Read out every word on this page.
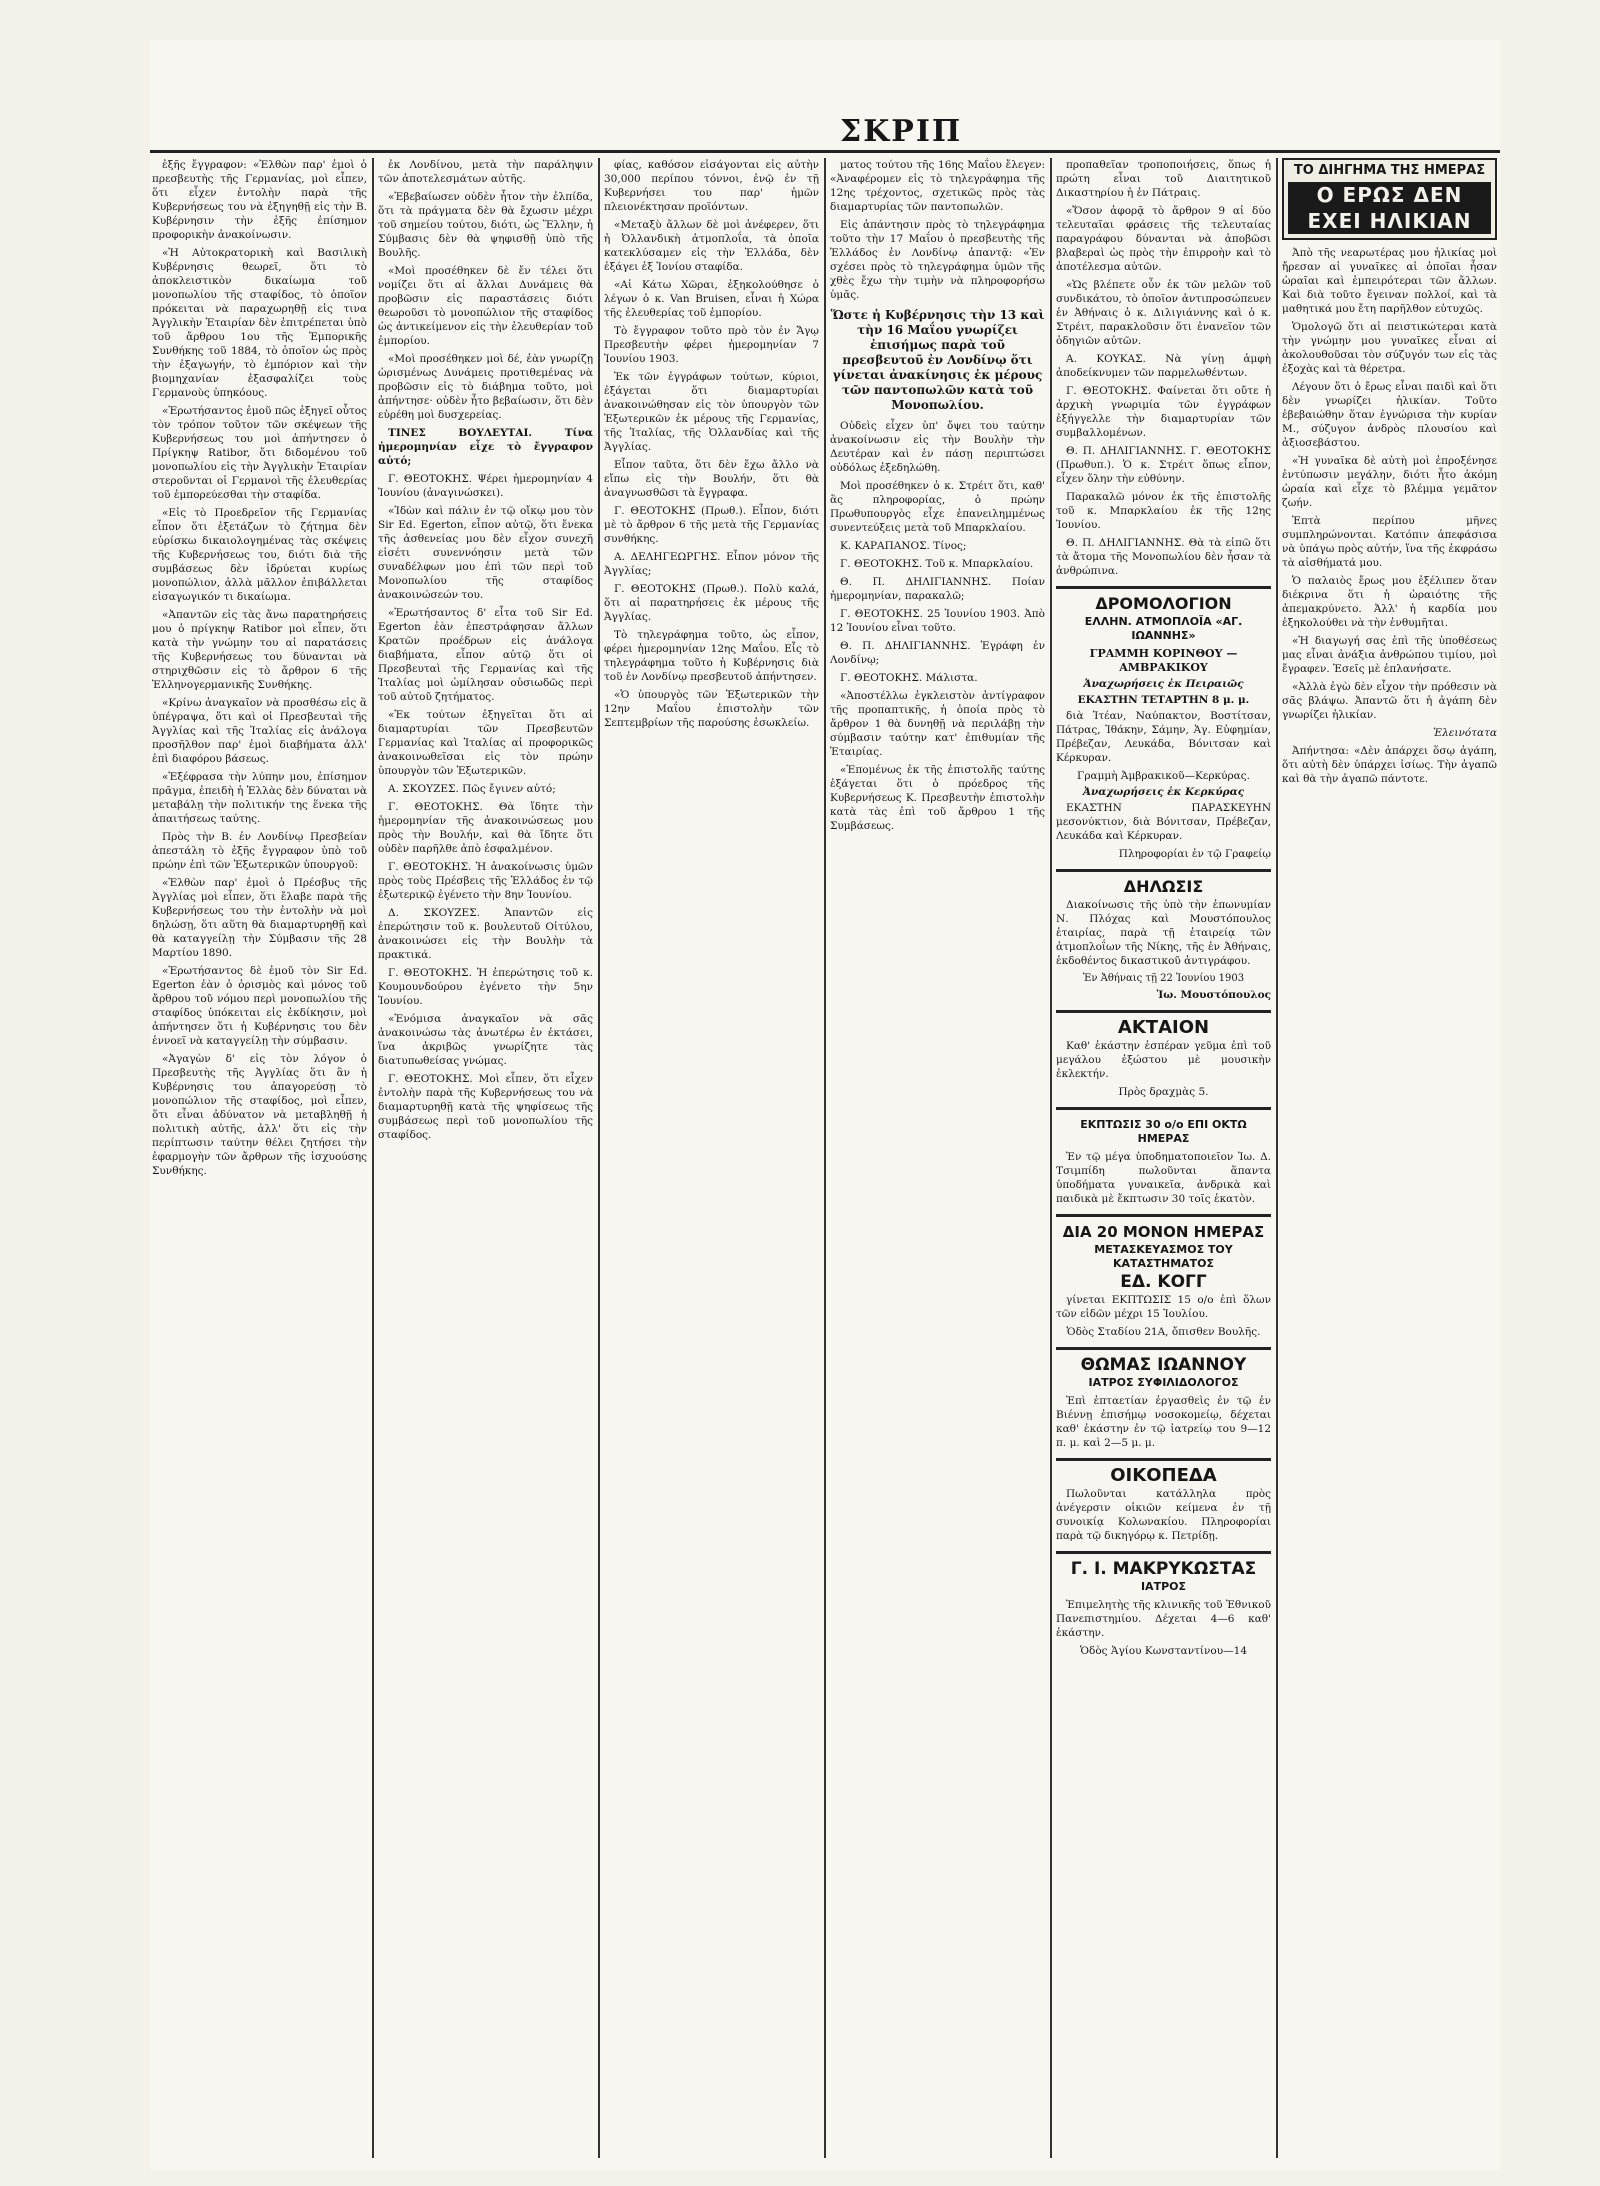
ΣΚΡΙΠ

ἐξῆς ἔγγραφον: «Ἐλθὼν παρ' ἐμοὶ ὁ πρεσβευτὴς τῆς Γερμανίας, μοὶ εἶπεν, ὅτι εἶχεν ἐντολὴν παρὰ τῆς Κυβερνήσεως του νὰ ἐξηγηθῇ εἰς τὴν Β. Κυβέρνησιν τὴν ἐξῆς ἐπίσημον προφορικὴν ἀνακοίνωσιν.

«Ἡ Αὐτοκρατορικὴ καὶ Βασιλικὴ Κυβέρνησις θεωρεῖ, ὅτι τὸ ἀποκλειστικὸν δικαίωμα τοῦ μονοπωλίου τῆς σταφίδος, τὸ ὁποῖον πρόκειται νὰ παραχωρηθῇ εἰς τινα Ἀγγλικὴν Ἑταιρίαν δὲν ἐπιτρέπεται ὑπὸ τοῦ ἄρθρου 1ου τῆς Ἐμπορικῆς Συνθήκης τοῦ 1884, τὸ ὁποῖον ὡς πρὸς τὴν ἐξαγωγήν, τὸ ἐμπόριον καὶ τὴν βιομηχανίαν ἐξασφαλίζει τοὺς Γερμανοὺς ὑπηκόους.

«Ἐρωτήσαντος ἐμοῦ πῶς ἐξηγεῖ οὗτος τὸν τρόπον τοῦτον τῶν σκέψεων τῆς Κυβερνήσεως του μοὶ ἀπήντησεν ὁ Πρίγκηψ Ratibor, ὅτι διδομένου τοῦ μονοπωλίου εἰς τὴν Ἀγγλικὴν Ἑταιρίαν στεροῦνται οἱ Γερμανοὶ τῆς ἐλευθερίας τοῦ ἐμπορεύεσθαι τὴν σταφίδα.

«Εἰς τὸ Προεδρεῖον τῆς Γερμανίας εἶπον ὅτι ἐξετάζων τὸ ζήτημα δὲν εὑρίσκω δικαιολογημένας τὰς σκέψεις τῆς Κυβερνήσεως του, διότι διὰ τῆς συμβάσεως δὲν ἱδρύεται κυρίως μονοπώλιον, ἀλλὰ μᾶλλον ἐπιβάλλεται εἰσαγωγικόν τι δικαίωμα.

«Ἀπαντῶν εἰς τὰς ἄνω παρατηρήσεις μου ὁ πρίγκηψ Ratibor μοὶ εἶπεν, ὅτι κατὰ τὴν γνώμην του αἱ παρατάσεις τῆς Κυβερνήσεως του δύνανται νὰ στηριχθῶσιν εἰς τὸ ἄρθρον 6 τῆς Ἑλληνογερμανικῆς Συνθήκης.

«Κρίνω ἀναγκαῖον νὰ προσθέσω εἰς ἃ ὑπέγραψα, ὅτι καὶ οἱ Πρεσβευταὶ τῆς Ἀγγλίας καὶ τῆς Ἰταλίας εἰς ἀνάλογα προσῆλθον παρ' ἐμοὶ διαβήματα ἀλλ' ἐπὶ διαφόρου βάσεως.

«Ἐξέφρασα τὴν λύπην μου, ἐπίσημον πρᾶγμα, ἐπειδὴ ἡ Ἑλλὰς δὲν δύναται νὰ μεταβάλῃ τὴν πολιτικήν της ἕνεκα τῆς ἀπαιτήσεως ταύτης.

Πρὸς τὴν Β. ἐν Λονδίνῳ Πρεσβείαν ἀπεστάλη τὸ ἐξῆς ἔγγραφον ὑπὸ τοῦ πρώην ἐπὶ τῶν Ἐξωτερικῶν ὑπουργοῦ:

«Ἐλθὼν παρ' ἐμοὶ ὁ Πρέσβυς τῆς Ἀγγλίας μοὶ εἶπεν, ὅτι ἔλαβε παρὰ τῆς Κυβερνήσεως του τὴν ἐντολὴν νὰ μοὶ δηλώσῃ, ὅτι αὕτη θὰ διαμαρτυρηθῇ καὶ θὰ καταγγείλῃ τὴν Σύμβασιν τῆς 28 Μαρτίου 1890.

«Ἐρωτήσαντος δὲ ἐμοῦ τὸν Sir Ed. Egerton ἐὰν ὁ ὁρισμὸς καὶ μόνος τοῦ ἄρθρου τοῦ νόμου περὶ μονοπωλίου τῆς σταφίδος ὑπόκειται εἰς ἐκδίκησιν, μοὶ ἀπήντησεν ὅτι ἡ Κυβέρνησις του δὲν ἐννοεῖ νὰ καταγγείλῃ τὴν σύμβασιν.

«Ἀγαγὼν δ' εἰς τὸν λόγον ὁ Πρεσβευτὴς τῆς Ἀγγλίας ὅτι ἂν ἡ Κυβέρνησις του ἀπαγορεύσῃ τὸ μονοπώλιον τῆς σταφίδος, μοὶ εἶπεν, ὅτι εἶναι ἀδύνατον νὰ μεταβληθῇ ἡ πολιτικὴ αὐτῆς, ἀλλ' ὅτι εἰς τὴν περίπτωσιν ταύτην θέλει ζητήσει τὴν ἐφαρμογὴν τῶν ἄρθρων τῆς ἰσχυούσης Συνθήκης.

ἐκ Λονδίνου, μετὰ τὴν παράληψιν τῶν ἀποτελεσμάτων αὐτῆς.

«Ἐβεβαίωσεν οὐδὲν ἦτον τὴν ἐλπίδα, ὅτι τὰ πράγματα δὲν θὰ ἔχωσιν μέχρι τοῦ σημείου τούτου, διότι, ὡς Ἕλλην, ἡ Σύμβασις δὲν θὰ ψηφισθῇ ὑπὸ τῆς Βουλῆς.

«Μοὶ προσέθηκεν δὲ ἔν τέλει ὅτι νομίζει ὅτι αἱ ἄλλαι Δυνάμεις θὰ προβῶσιν εἰς παραστάσεις διότι θεωροῦσι τὸ μονοπώλιον τῆς σταφίδος ὡς ἀντικείμενον εἰς τὴν ἐλευθερίαν τοῦ ἐμπορίου.

«Μοὶ προσέθηκεν μοὶ δέ, ἐὰν γνωρίζῃ ὡρισμένως Δυνάμεις προτιθεμένας νὰ προβῶσιν εἰς τὸ διάβημα τοῦτο, μοὶ ἀπήντησε· οὐδὲν ἦτο βεβαίωσιν, ὅτι δὲν εὑρέθη μοὶ δυσχερείας.

ΤΙΝΕΣ ΒΟΥΛΕΥΤΑΙ. Τίνα ἡμερομηνίαν εἶχε τὸ ἔγγραφον αὐτό;

Γ. ΘΕΟΤΟΚΗΣ. Ψέρει ἡμερομηνίαν 4 Ἰουνίου (ἀναγινώσκει).

«Ἰδὼν καὶ πάλιν ἐν τῷ οἴκῳ μου τὸν Sir Ed. Egerton, εἶπον αὐτῷ, ὅτι ἔνεκα τῆς ἀσθενείας μου δὲν εἶχον συνεχῆ εἰσέτι συνεννόησιν μετὰ τῶν συναδέλφων μου ἐπὶ τῶν περὶ τοῦ Μονοπωλίου τῆς σταφίδος ἀνακοινώσεών του.

«Ἐρωτήσαντος δ' εἶτα τοῦ Sir Ed. Egerton ἐὰν ἐπεστράφησαν ἄλλων Κρατῶν προέδρων εἰς ἀνάλογα διαβήματα, εἶπον αὐτῷ ὅτι οἱ Πρεσβευταὶ τῆς Γερμανίας καὶ τῆς Ἰταλίας μοὶ ὡμίλησαν οὐσιωδῶς περὶ τοῦ αὐτοῦ ζητήματος.

«Ἐκ τούτων ἐξηγεῖται ὅτι αἱ διαμαρτυρίαι τῶν Πρεσβευτῶν Γερμανίας καὶ Ἰταλίας αἱ προφορικῶς ἀνακοινωθεῖσαι εἰς τὸν πρώην ὑπουργὸν τῶν Ἐξωτερικῶν.

Α. ΣΚΟΥΖΕΣ. Πῶς ἔγινεν αὐτό;

Γ. ΘΕΟΤΟΚΗΣ. Θὰ ἴδητε τὴν ἡμερομηνίαν τῆς ἀνακοινώσεως μου πρὸς τὴν Βουλήν, καὶ θὰ ἴδητε ὅτι οὐδὲν παρῆλθε ἀπὸ ἐσφαλμένον.

Γ. ΘΕΟΤΟΚΗΣ. Ἡ ἀνακοίνωσις ὑμῶν πρὸς τοὺς Πρέσβεις τῆς Ἑλλάδος ἐν τῷ ἐξωτερικῷ ἐγένετο τὴν 8ην Ἰουνίου.

Δ. ΣΚΟΥΖΕΣ. Ἀπαντῶν εἰς ἐπερώτησιν τοῦ κ. βουλευτοῦ Οἰτύλου, ἀνακοινώσει εἰς τὴν Βουλὴν τὰ πρακτικά.

Γ. ΘΕΟΤΟΚΗΣ. Ἡ ἐπερώτησις τοῦ κ. Κουμουνδούρου ἐγένετο τὴν 5ην Ἰουνίου.

«Ἐνόμισα ἀναγκαῖον νὰ σᾶς ἀνακοινώσω τὰς ἀνωτέρω ἐν ἐκτάσει, ἵνα ἀκριβῶς γνωρίζητε τὰς διατυπωθείσας γνώμας.

Γ. ΘΕΟΤΟΚΗΣ. Μοὶ εἶπεν, ὅτι εἶχεν ἐντολὴν παρὰ τῆς Κυβερνήσεως του νὰ διαμαρτυρηθῇ κατὰ τῆς ψηφίσεως τῆς συμβάσεως περὶ τοῦ μονοπωλίου τῆς σταφίδος.

φίας, καθόσον εἰσάγονται εἰς αὐτὴν 30,000 περίπου τόννοι, ἐνῷ ἐν τῇ Κυβερνήσει του παρ' ἡμῶν πλειονέκτησαν προϊόντων.

«Μεταξὺ ἄλλων δὲ μοὶ ἀνέφερεν, ὅτι ἡ Ὀλλανδικὴ ἀτμοπλοΐα, τὰ ὁποῖα κατεκλύσαμεν εἰς τὴν Ἑλλάδα, δὲν ἐξάγει ἐξ Ἰονίου σταφίδα.

«Αἱ Κάτω Χῶραι, ἐξηκολούθησε ὁ λέγων ὁ κ. Van Bruisen, εἶναι ἡ Χώρα τῆς ἐλευθερίας τοῦ ἐμπορίου.

Τὸ ἔγγραφον τοῦτο πρὸ τὸν ἐν Ἄγῳ Πρεσβευτὴν φέρει ἡμερομηνίαν 7 Ἰουνίου 1903.

Ἐκ τῶν ἐγγράφων τούτων, κύριοι, ἐξάγεται ὅτι διαμαρτυρίαι ἀνακοινώθησαν εἰς τὸν ὑπουργὸν τῶν Ἐξωτερικῶν ἐκ μέρους τῆς Γερμανίας, τῆς Ἰταλίας, τῆς Ὀλλανδίας καὶ τῆς Ἀγγλίας.

Εἶπον ταῦτα, ὅτι δὲν ἔχω ἄλλο νὰ εἴπω εἰς τὴν Βουλήν, ὅτι θὰ ἀναγνωσθῶσι τὰ ἔγγραφα.

Γ. ΘΕΟΤΟΚΗΣ (Πρωθ.). Εἶπον, διότι μὲ τὸ ἄρθρον 6 τῆς μετὰ τῆς Γερμανίας συνθήκης.

Α. ΔΕΛΗΓΕΩΡΓΗΣ. Εἶπον μόνον τῆς Ἀγγλίας;

Γ. ΘΕΟΤΟΚΗΣ (Πρωθ.). Πολὺ καλά, ὅτι αἱ παρατηρήσεις ἐκ μέρους τῆς Ἀγγλίας.

Τὸ τηλεγράφημα τοῦτο, ὡς εἶπον, φέρει ἡμερομηνίαν 12ης Μαΐου. Εἶς τὸ τηλεγράφημα τοῦτο ἡ Κυβέρνησις διὰ τοῦ ἐν Λονδίνῳ πρεσβευτοῦ ἀπήντησεν.

«Ὁ ὑπουργὸς τῶν Ἐξωτερικῶν τὴν 12ην Μαΐου ἐπιστολὴν τῶν Σεπτεμβρίων τῆς παρούσης ἐσωκλείω.

ματος τούτου τῆς 16ης Μαΐου ἔλεγεν: «Ἀναφέρομεν εἰς τὸ τηλεγράφημα τῆς 12ης τρέχοντος, σχετικῶς πρὸς τὰς διαμαρτυρίας τῶν παντοπωλῶν.

Εἰς ἀπάντησιν πρὸς τὸ τηλεγράφημα τοῦτο τὴν 17 Μαΐου ὁ πρεσβευτὴς τῆς Ἑλλάδος ἐν Λονδίνῳ ἀπαντᾷ: «Ἐν σχέσει πρὸς τὸ τηλεγράφημα ὑμῶν τῆς χθὲς ἔχω τὴν τιμὴν νὰ πληροφορήσω ὑμᾶς.

Ὥστε ἡ Κυβέρνησις τὴν 13 καὶ τὴν 16 Μαΐου γνωρίζει ἐπισήμως παρὰ τοῦ πρεσβευτοῦ ἐν Λονδίνῳ ὅτι γίνεται ἀνακίνησις ἐκ μέρους τῶν παντοπωλῶν κατὰ τοῦ Μονοπωλίου.

Οὐδεὶς εἶχεν ὑπ' ὄψει του ταύτην ἀνακοίνωσιν εἰς τὴν Βουλὴν τὴν Δευτέραν καὶ ἐν πάσῃ περιπτώσει οὐδόλως ἐξεδηλώθη.

Μοὶ προσέθηκεν ὁ κ. Στρέιτ ὅτι, καθ' ἃς πληροφορίας, ὁ πρώην Πρωθυπουργὸς εἶχε ἐπανειλημμένως συνεντεύξεις μετὰ τοῦ Μπαρκλαίου.

Κ. ΚΑΡΑΠΑΝΟΣ. Τίνος;

Γ. ΘΕΟΤΟΚΗΣ. Τοῦ κ. Μπαρκλαίου.

Θ. Π. ΔΗΛΙΓΙΑΝΝΗΣ. Ποίαν ἡμερομηνίαν, παρακαλῶ;

Γ. ΘΕΟΤΟΚΗΣ. 25 Ἰουνίου 1903. Ἀπὸ 12 Ἰουνίου εἶναι τοῦτο.

Θ. Π. ΔΗΛΙΓΙΑΝΝΗΣ. Ἐγράφη ἐν Λονδίνῳ;

Γ. ΘΕΟΤΟΚΗΣ. Μάλιστα.

«Ἀποστέλλω ἐγκλειστὸν ἀντίγραφον τῆς προπαπτικῆς, ἡ ὁποία πρὸς τὸ ἄρθρον 1 θὰ δυνηθῇ νὰ περιλάβῃ τὴν σύμβασιν ταύτην κατ' ἐπιθυμίαν τῆς Ἑταιρίας.

«Ἐπομένως ἐκ τῆς ἐπιστολῆς ταύτης ἐξάγεται ὅτι ὁ πρόεδρος τῆς Κυβερνήσεως Κ. Πρεσβευτὴν ἐπιστολὴν κατὰ τὰς ἐπὶ τοῦ ἄρθρου 1 τῆς Συμβάσεως.

προπαθεῖαν τροποποιήσεις, ὅπως ἡ πρώτη εἶναι τοῦ Διαιτητικοῦ Δικαστηρίου ἡ ἐν Πάτραις.

«Ὅσον ἀφορᾷ τὸ ἄρθρον 9 αἱ δύο τελευταῖαι φράσεις τῆς τελευταίας παραγράφου δύνανται νὰ ἀποβῶσι βλαβεραὶ ὡς πρὸς τὴν ἐπιρροὴν καὶ τὸ ἀποτέλεσμα αὐτῶν.

«Ὡς βλέπετε οὖν ἐκ τῶν μελῶν τοῦ συνδικάτου, τὸ ὁποῖον ἀντιπροσώπευεν ἐν Ἀθήναις ὁ κ. Διλιγιάννης καὶ ὁ κ. Στρέιτ, παρακλοῦσιν ὅτι ἐνανεῖον τῶν ὁδηγιῶν αὐτῶν.

Α. ΚΟΥΚΑΣ. Νὰ γίνῃ ἀμφὴ ἀποδείκνυμεν τῶν παρμελωθέντων.

Γ. ΘΕΟΤΟΚΗΣ. Φαίνεται ὅτι οὔτε ἡ ἀρχικὴ γνωριμία τῶν ἐγγράφων ἐξήγγελλε τὴν διαμαρτυρίαν τῶν συμβαλλομένων.

Θ. Π. ΔΗΛΙΓΙΑΝΝΗΣ. Γ. ΘΕΟΤΟΚΗΣ (Πρωθυπ.). Ὁ κ. Στρέιτ ὅπως εἶπον, εἶχεν ὅλην τὴν εὐθύνην.

Παρακαλῶ μόνον ἐκ τῆς ἐπιστολῆς τοῦ κ. Μπαρκλαίου ἐκ τῆς 12ης Ἰουνίου.

Θ. Π. ΔΗΛΙΓΙΑΝΝΗΣ. Θὰ τὰ εἰπῶ ὅτι τὰ ἄτομα τῆς Μονοπωλίου δὲν ἦσαν τὰ ἀνθρώπινα.

ΔΡΟΜΟΛΟΓΙΟΝ
ΕΛΛΗΝ. ΑΤΜΟΠΛΟΪΑ «ΑΓ. ΙΩΑΝΝΗΣ»
ΓΡΑΜΜΗ ΚΟΡΙΝΘΟΥ — ΑΜΒΡΑΚΙΚΟΥ
Ἀναχωρήσεις ἐκ Πειραιῶς
ΕΚΑΣΤΗΝ ΤΕΤΑΡΤΗΝ 8 μ. μ.

διὰ Ἰτέαν, Ναύπακτον, Βοστίτσαν, Πάτρας, Ἰθάκην, Σάμην, Ἁγ. Εὐφημίαν, Πρέβεζαν, Λευκάδα, Βόνιτσαν καὶ Κέρκυραν.

Γραμμὴ Ἀμβρακικοῦ—Κερκύρας.
Ἀναχωρήσεις ἐκ Κερκύρας

ΕΚΑΣΤΗΝ ΠΑΡΑΣΚΕΥΗΝ μεσονύκτιον, διὰ Βόνιτσαν, Πρέβεζαν, Λευκάδα καὶ Κέρκυραν.

Πληροφορίαι ἐν τῷ Γραφείῳ
ΔΗΛΩΣΙΣ

Διακοίνωσις τῆς ὑπὸ τὴν ἐπωνυμίαν Ν. Πλόχας καὶ Μουστόπουλος ἑταιρίας, παρὰ τῇ ἐταιρείᾳ τῶν ἀτμοπλοΐων τῆς Νίκης, τῆς ἐν Ἀθήναις, ἐκδοθέντος δικαστικοῦ ἀντιγράφου.

Ἐν Ἀθήναις τῇ 22 Ἰουνίου 1903
Ἰω. Μουστόπουλος
ΑΚΤΑΙΟΝ

Καθ' ἑκάστην ἑσπέραν γεῦμα ἐπὶ τοῦ μεγάλου ἐξώστου μὲ μουσικὴν ἐκλεκτήν.

Πρὸς δραχμὰς 5.
ΕΚΠΤΩΣΙΣ 30 ο/ο ΕΠΙ ΟΚΤΩ ΗΜΕΡΑΣ

Ἐν τῷ μέγα ὑποδηματοποιεῖον Ἰω. Δ. Τσιμπίδη πωλοῦνται ἅπαντα ὑποδήματα γυναικεῖα, ἀνδρικὰ καὶ παιδικὰ μὲ ἔκπτωσιν 30 τοῖς ἑκατὸν.

ΔΙΑ 20 ΜΟΝΟΝ ΗΜΕΡΑΣ
ΜΕΤΑΣΚΕΥΑΣΜΟΣ ΤΟΥ ΚΑΤΑΣΤΗΜΑΤΟΣ
ΕΔ. ΚΟΓΓ

γίνεται ΕΚΠΤΩΣΙΣ 15 ο/ο ἐπὶ ὅλων τῶν εἰδῶν μέχρι 15 Ἰουλίου.

Ὁδὸς Σταδίου 21Α, ὄπισθεν Βουλῆς.
ΘΩΜΑΣ ΙΩΑΝΝΟΥ
ΙΑΤΡΟΣ ΣΥΦΙΛΙΔΟΛΟΓΟΣ

Ἐπὶ ἑπταετίαν ἐργασθεὶς ἐν τῷ ἐν Βιέννῃ ἐπισήμῳ νοσοκομείῳ, δέχεται καθ' ἑκάστην ἐν τῷ ἰατρείῳ του 9—12 π. μ. καὶ 2—5 μ. μ.

ΟΙΚΟΠΕΔΑ

Πωλοῦνται κατάλληλα πρὸς ἀνέγερσιν οἰκιῶν κείμενα ἐν τῇ συνοικίᾳ Κολωνακίου. Πληροφορίαι παρὰ τῷ δικηγόρῳ κ. Πετρίδῃ.

Γ. Ι. ΜΑΚΡΥΚΩΣΤΑΣ
ΙΑΤΡΟΣ

Ἐπιμελητὴς τῆς κλινικῆς τοῦ Ἐθνικοῦ Πανεπιστημίου. Δέχεται 4—6 καθ' ἑκάστην.

Ὁδὸς Ἁγίου Κωνσταντίνου—14
ΤΟ ΔΙΗΓΗΜΑ ΤΗΣ ΗΜΕΡΑΣ
Ο ΕΡΩΣ ΔΕΝ ΕΧΕΙ ΗΛΙΚΙΑΝ

Ἀπὸ τῆς νεαρωτέρας μου ἡλικίας μοὶ ἤρεσαν αἱ γυναῖκες αἱ ὁποῖαι ἦσαν ὡραῖαι καὶ ἐμπειρότεραι τῶν ἄλλων. Καὶ διὰ τοῦτο ἔγειναν πολλοί, καὶ τὰ μαθητικά μου ἔτη παρῆλθον εὐτυχῶς.

Ὁμολογῶ ὅτι αἱ πειστικώτεραι κατὰ τὴν γνώμην μου γυναῖκες εἶναι αἱ ἀκολουθοῦσαι τὸν σύζυγόν των εἰς τὰς ἐξοχὰς καὶ τὰ θέρετρα.

Λέγουν ὅτι ὁ ἔρως εἶναι παιδὶ καὶ ὅτι δὲν γνωρίζει ἡλικίαν. Τοῦτο ἐβεβαιώθην ὅταν ἐγνώρισα τὴν κυρίαν Μ., σύζυγον ἀνδρὸς πλουσίου καὶ ἀξιοσεβάστου.

«Ἡ γυναῖκα δὲ αὐτὴ μοὶ ἐπροξένησε ἐντύπωσιν μεγάλην, διότι ἦτο ἀκόμη ὡραία καὶ εἶχε τὸ βλέμμα γεμᾶτον ζωήν.

Ἐπτὰ περίπου μῆνες συμπληρώνονται. Κατόπιν ἀπεφάσισα νὰ ὑπάγω πρὸς αὐτήν, ἵνα τῆς ἐκφράσω τὰ αἰσθήματά μου.

Ὁ παλαιὸς ἔρως μου ἐξέλιπεν ὅταν διέκρινα ὅτι ἡ ὡραιότης τῆς ἀπεμακρύνετο. Ἀλλ' ἡ καρδία μου ἐξηκολούθει νὰ τὴν ἐνθυμῆται.

«Ἡ διαγωγή σας ἐπὶ τῆς ὑποθέσεως μας εἶναι ἀνάξια ἀνθρώπου τιμίου, μοὶ ἔγραφεν. Ἐσεῖς μὲ ἐπλανήσατε.

«Ἀλλὰ ἐγὼ δὲν εἶχον τὴν πρόθεσιν νὰ σᾶς βλάψω. Ἀπαντῶ ὅτι ἡ ἀγάπη δὲν γνωρίζει ἡλικίαν.

Ἐλεινότατα

Ἀπήντησα: «Δὲν ἀπάρχει ὅσῳ ἀγάπη, ὅτι αὐτὴ δὲν ὑπάρχει ἰσίως. Τὴν ἀγαπῶ καὶ θὰ τὴν ἀγαπῶ πάντοτε.
